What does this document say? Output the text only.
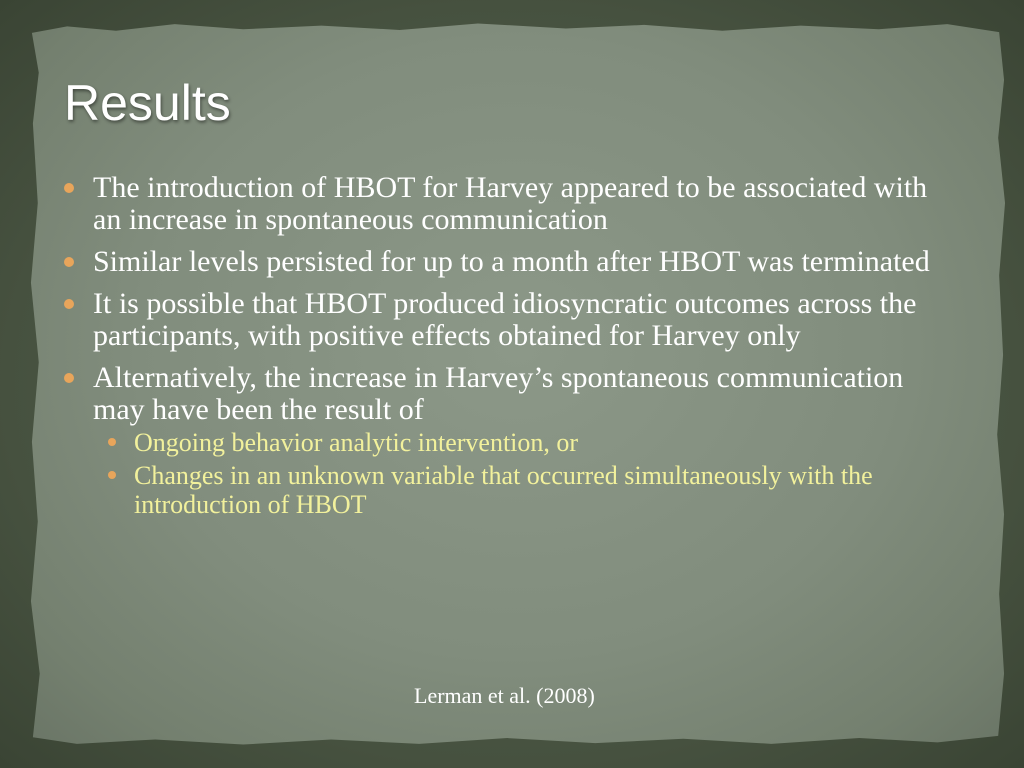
Results
The introduction of HBOT for Harvey appeared to be associated with an increase in spontaneous communication
Similar levels persisted for up to a month after HBOT was terminated
It is possible that HBOT produced idiosyncratic outcomes across the participants, with positive effects obtained for Harvey only
Alternatively, the increase in Harvey’s spontaneous communication may have been the result of
Ongoing behavior analytic intervention, or
Changes in an unknown variable that occurred simultaneously with the introduction of HBOT
Lerman et al. (2008)
